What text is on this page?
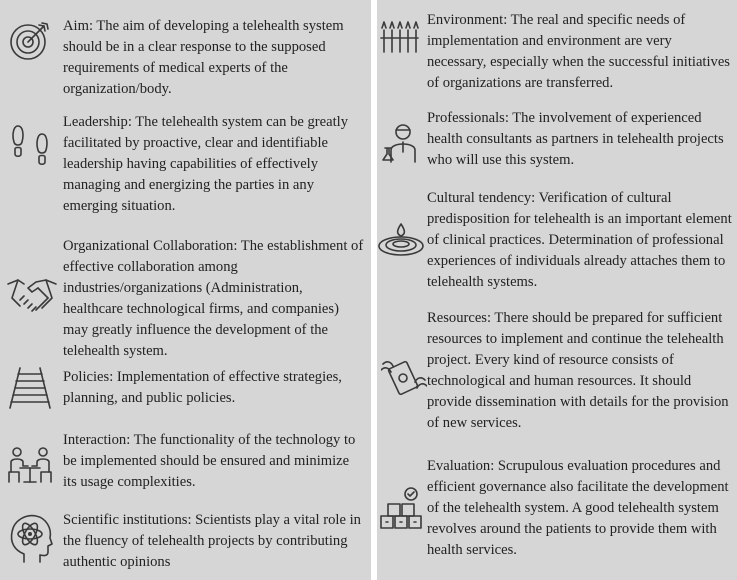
Aim: The aim of developing a telehealth system should be in a clear response to the supposed requirements of medical experts of the organization/body.

Leadership: The telehealth system can be greatly facilitated by proactive, clear and identifiable leadership having capabilities of effectively managing and energizing the parties in any emerging situation.

Organizational Collaboration: The establishment of effective collaboration among industries/organizations (Administration, healthcare technological firms, and companies) may greatly influence the development of the telehealth system.

Policies: Implementation of effective strategies, planning, and public policies.

Interaction: The functionality of the technology to be implemented should be ensured and minimize its usage complexities.

Scientific institutions: Scientists play a vital role in the fluency of telehealth projects by contributing authentic opinions

Environment: The real and specific needs of implementation and environment are very necessary, especially when the successful initiatives of organizations are transferred.

Professionals: The involvement of experienced health consultants as partners in telehealth projects who will use this system.

Cultural tendency: Verification of cultural predisposition for telehealth is an important element of clinical practices. Determination of professional experiences of individuals already attaches them to telehealth systems.

Resources: There should be prepared for sufficient resources to implement and continue the telehealth project. Every kind of resource consists of technological and human resources. It should provide dissemination with details for the provision of new services.

Evaluation: Scrupulous evaluation procedures and efficient governance also facilitate the development of the telehealth system. A good telehealth system revolves around the patients to provide them with health services.
